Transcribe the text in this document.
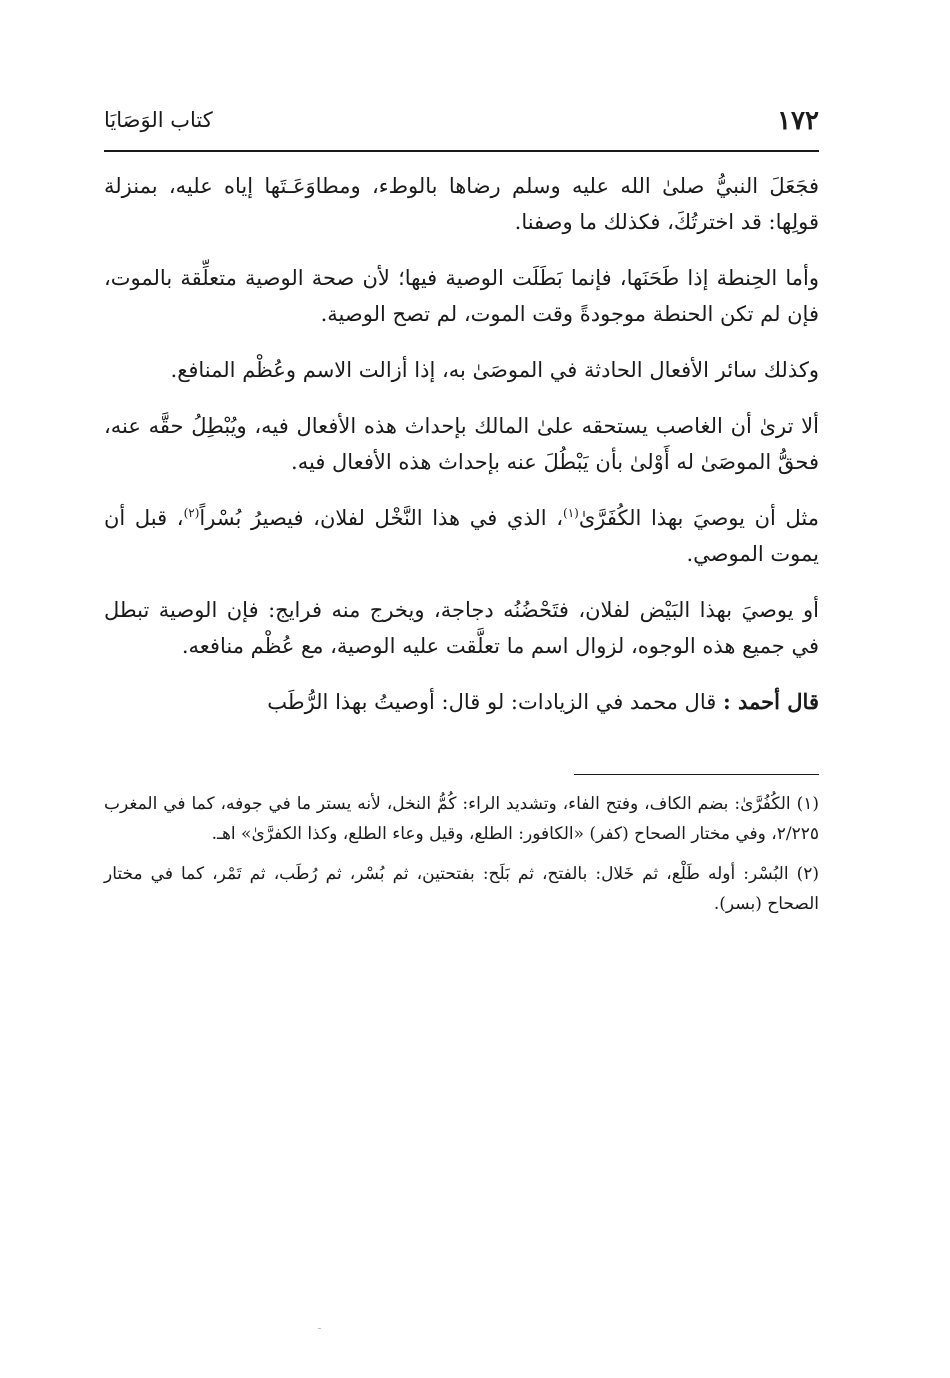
١٧٢
كتاب الوَصَايَا

فجَعَلَ النبيُّ صلىٰ الله عليه وسلم رضاها بالوطء، ومطاوَعَـتَها إياه عليه، بمنزلة قولِها: قد اخترتُكَ، فكذلك ما وصفنا.

وأما الحِنطة إذا طَحَنَها، فإنما بَطَلَت الوصية فيها؛ لأن صحة الوصية متعلِّقة بالموت، فإن لم تكن الحنطة موجودةً وقت الموت، لم تصح الوصية.

وكذلك سائر الأفعال الحادثة في الموصَىٰ به، إذا أزالت الاسم وعُظْم المنافع.

ألا ترىٰ أن الغاصب يستحقه علىٰ المالك بإحداث هذه الأفعال فيه، ويُبْطِلُ حقَّه عنه، فحقُّ الموصَىٰ له أَوْلىٰ بأن يَبْطُلَ عنه بإحداث هذه الأفعال فيه.

مثل أن يوصيَ بهذا الكُفَرَّىٰ$^{(١)}$، الذي في هذا النَّخْل لفلان، فيصيرُ بُسْراً$^{(٢)}$، قبل أن يموت الموصي.

أو يوصيَ بهذا البَيْض لفلان، فتَحْضُنُه دجاجة، ويخرج منه فرايج: فإن الوصية تبطل في جميع هذه الوجوه، لزوال اسم ما تعلَّقت عليه الوصية، مع عُظْم منافعه.

قال أحمد : قال محمد في الزيادات: لو قال: أوصيتُ بهذا الرُّطَب

(١) الكُفُرَّىٰ: بضم الكاف، وفتح الفاء، وتشديد الراء: كُمُّ النخل، لأنه يستر ما في جوفه، كما في المغرب ٢/٢٢٥، وفي مختار الصحاح (كفر) «الكافور: الطلع، وقيل وعاء الطلع، وكذا الكفرَّىٰ» اهـ.

(٢) البُسْر: أوله طَلْع، ثم خَلال: بالفتح، ثم بَلَح: بفتحتين، ثم بُسْر، ثم رُطَب، ثم تَمْر، كما في مختار الصحاح (بسر).
